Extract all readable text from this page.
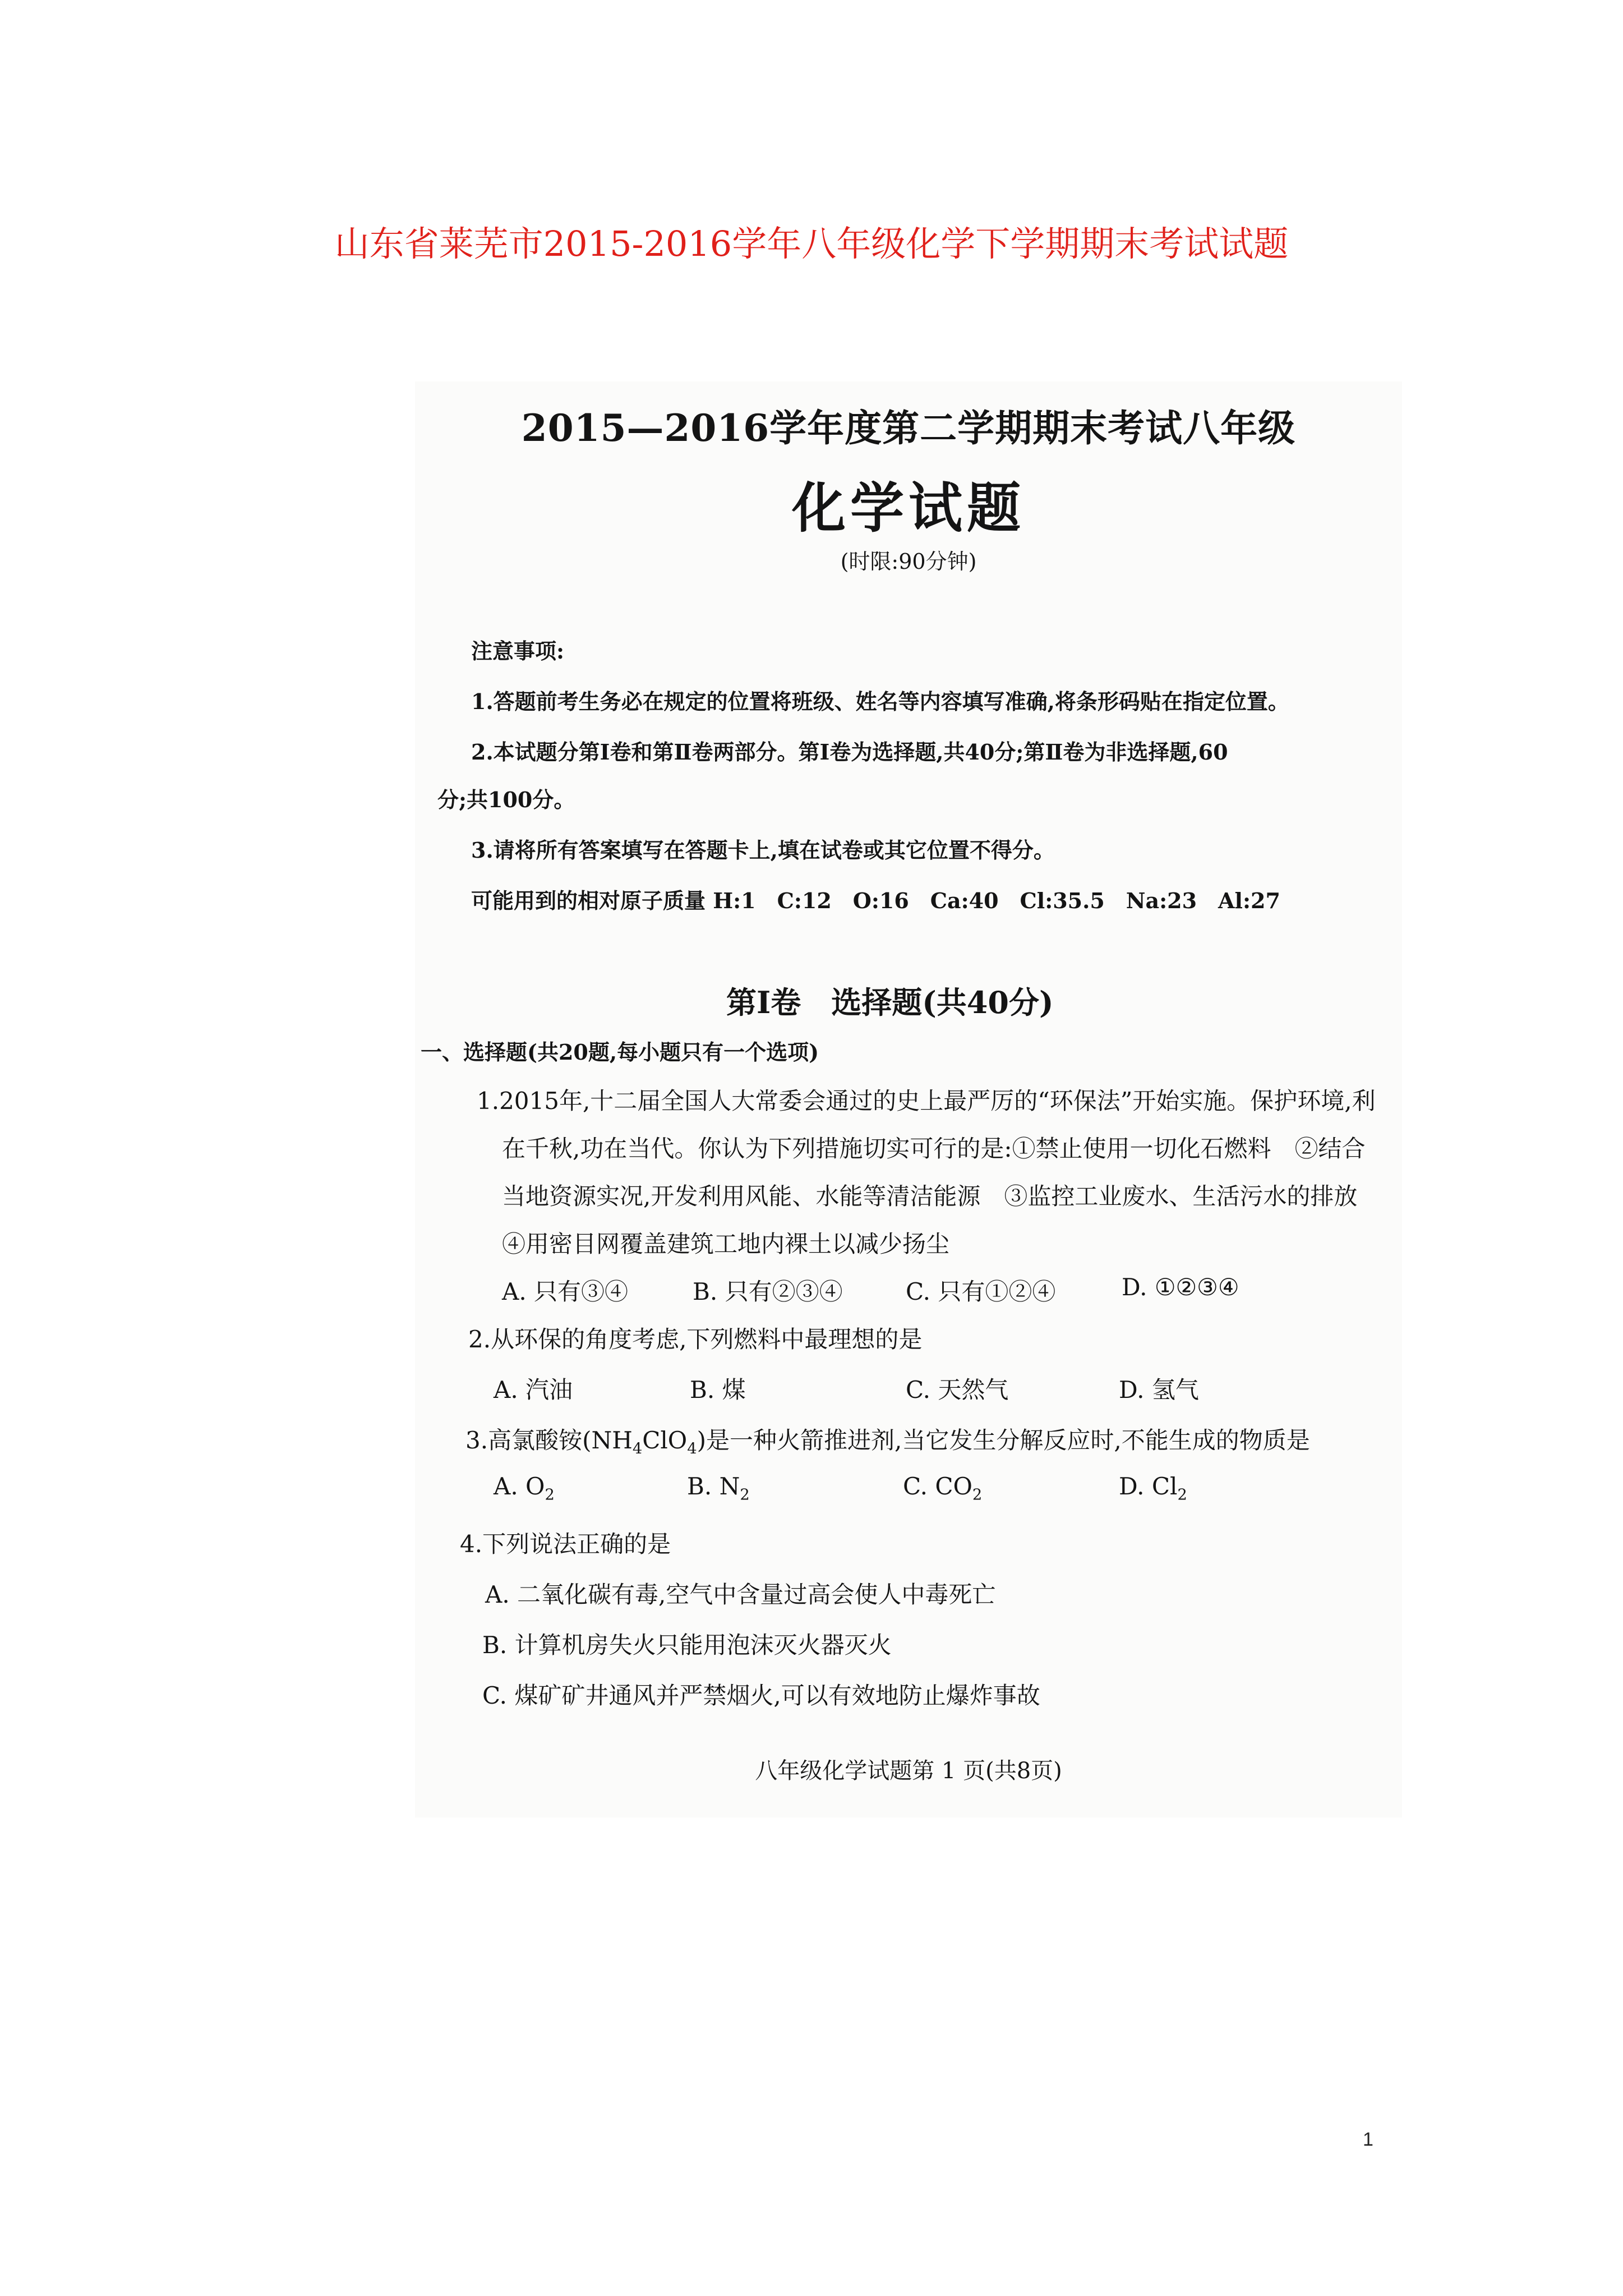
山东省莱芜市2015-2016学年八年级化学下学期期末考试试题
2015—2016学年度第二学期期末考试八年级
化学试题
(时限:90分钟)
注意事项:
1.答题前考生务必在规定的位置将班级、姓名等内容填写准确,将条形码贴在指定位置。
2.本试题分第Ⅰ卷和第Ⅱ卷两部分。第Ⅰ卷为选择题,共40分;第Ⅱ卷为非选择题,60
分;共100分。
3.请将所有答案填写在答题卡上,填在试卷或其它位置不得分。
可能用到的相对原子质量 H:1　C:12　O:16　Ca:40　Cl:35.5　Na:23　Al:27
第Ⅰ卷　选择题(共40分)
一、选择题(共20题,每小题只有一个选项)
1.2015年,十二届全国人大常委会通过的史上最严厉的“环保法”开始实施。保护环境,利
在千秋,功在当代。你认为下列措施切实可行的是:①禁止使用一切化石燃料　②结合
当地资源实况,开发利用风能、水能等清洁能源　③监控工业废水、生活污水的排放
④用密目网覆盖建筑工地内裸土以减少扬尘
A. 只有③④	B. 只有②③④	C. 只有①②④	D. ①②③④
2.从环保的角度考虑,下列燃料中最理想的是
A. 汽油	B. 煤	C. 天然气	D. 氢气
3.高氯酸铵$(NH_4ClO_4)$是一种火箭推进剂,当它发生分解反应时,不能生成的物质是
A. $O_2$	B. $N_2$	C. $CO_2$	D. $Cl_2$
4.下列说法正确的是
A. 二氧化碳有毒,空气中含量过高会使人中毒死亡
B. 计算机房失火只能用泡沫灭火器灭火
C. 煤矿矿井通风并严禁烟火,可以有效地防止爆炸事故
八年级化学试题第 1 页(共8页)
1
